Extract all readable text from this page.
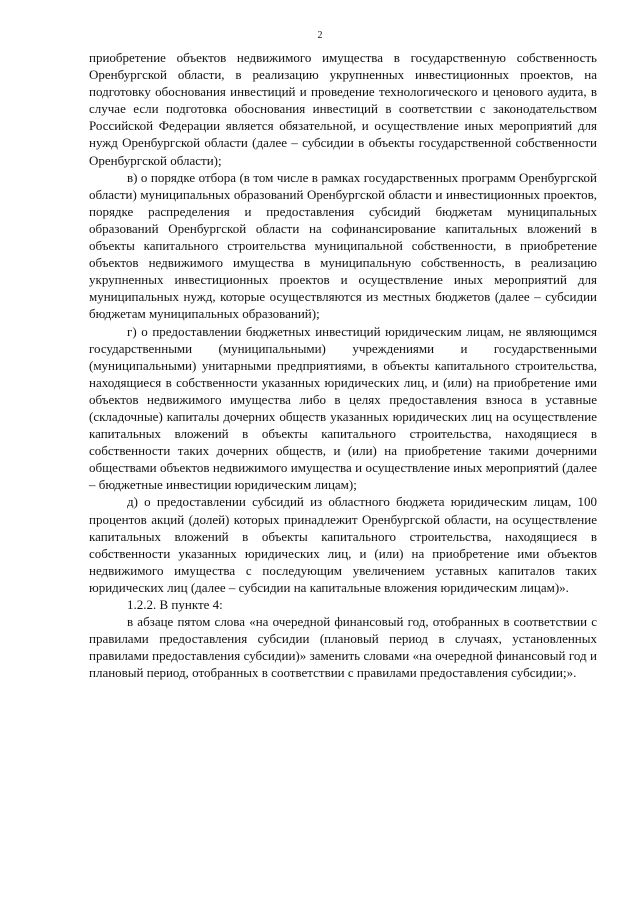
2

приобретение объектов недвижимого имущества в государственную собственность Оренбургской области, в реализацию укрупненных инвестиционных проектов, на подготовку обоснования инвестиций и проведение технологического и ценового аудита, в случае если подготовка обоснования инвестиций в соответствии с законодательством Российской Федерации является обязательной, и осуществление иных мероприятий для нужд Оренбургской области (далее – субсидии в объекты государственной собственности Оренбургской области);

в) о порядке отбора (в том числе в рамках государственных программ Оренбургской области) муниципальных образований Оренбургской области и инвестиционных проектов, порядке распределения и предоставления субсидий бюджетам муниципальных образований Оренбургской области на софинансирование капитальных вложений в объекты капитального строительства муниципальной собственности, в приобретение объектов недвижимого имущества в муниципальную собственность, в реализацию укрупненных инвестиционных проектов и осуществление иных мероприятий для муниципальных нужд, которые осуществляются из местных бюджетов (далее – субсидии бюджетам муниципальных образований);

г) о предоставлении бюджетных инвестиций юридическим лицам, не являющимся государственными (муниципальными) учреждениями и государственными (муниципальными) унитарными предприятиями, в объекты капитального строительства, находящиеся в собственности указанных юридических лиц, и (или) на приобретение ими объектов недвижимого имущества либо в целях предоставления взноса в уставные (складочные) капиталы дочерних обществ указанных юридических лиц на осуществление капитальных вложений в объекты капитального строительства, находящиеся в собственности таких дочерних обществ, и (или) на приобретение такими дочерними обществами объектов недвижимого имущества и осуществление иных мероприятий (далее – бюджетные инвестиции юридическим лицам);

д) о предоставлении субсидий из областного бюджета юридическим лицам, 100 процентов акций (долей) которых принадлежит Оренбургской области, на осуществление капитальных вложений в объекты капитального строительства, находящиеся в собственности указанных юридических лиц, и (или) на приобретение ими объектов недвижимого имущества с последующим увеличением уставных капиталов таких юридических лиц (далее – субсидии на капитальные вложения юридическим лицам)».

1.2.2. В пункте 4:

в абзаце пятом слова «на очередной финансовый год, отобранных в соответствии с правилами предоставления субсидии (плановый период в случаях, установленных правилами предоставления субсидии)» заменить словами «на очередной финансовый год и плановый период, отобранных в соответствии с правилами предоставления субсидии;».
